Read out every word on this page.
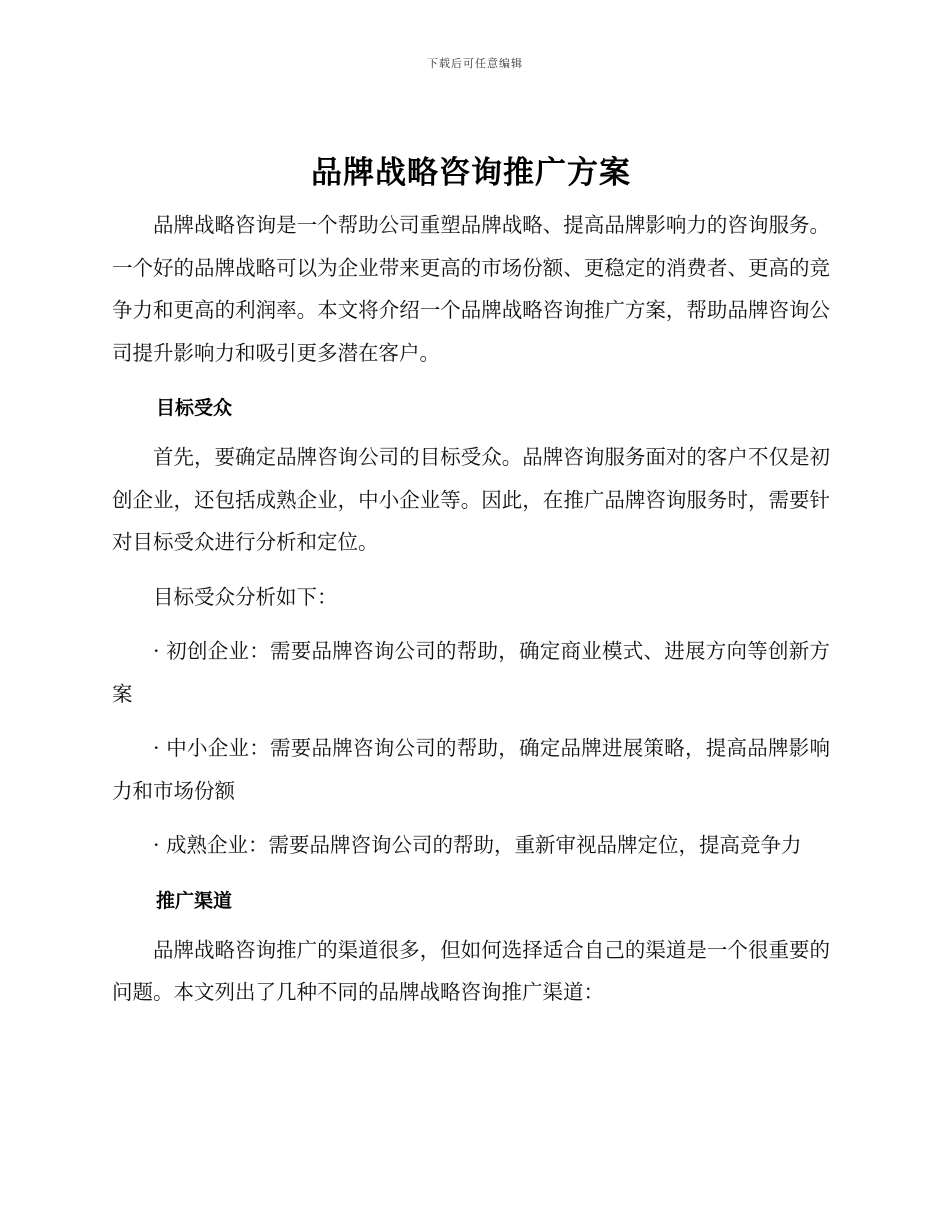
下载后可任意编辑
品牌战略咨询推广方案

品牌战略咨询是一个帮助公司重塑品牌战略、提高品牌影响力的咨询服务。一个好的品牌战略可以为企业带来更高的市场份额、更稳定的消费者、更高的竞争力和更高的利润率。本文将介绍一个品牌战略咨询推广方案，帮助品牌咨询公司提升影响力和吸引更多潜在客户。

目标受众

首先，要确定品牌咨询公司的目标受众。品牌咨询服务面对的客户不仅是初创企业，还包括成熟企业，中小企业等。因此，在推广品牌咨询服务时，需要针对目标受众进行分析和定位。

目标受众分析如下：

· 初创企业：需要品牌咨询公司的帮助，确定商业模式、进展方向等创新方案

· 中小企业：需要品牌咨询公司的帮助，确定品牌进展策略，提高品牌影响力和市场份额

· 成熟企业：需要品牌咨询公司的帮助，重新审视品牌定位，提高竞争力

推广渠道

品牌战略咨询推广的渠道很多，但如何选择适合自己的渠道是一个很重要的问题。本文列出了几种不同的品牌战略咨询推广渠道：
